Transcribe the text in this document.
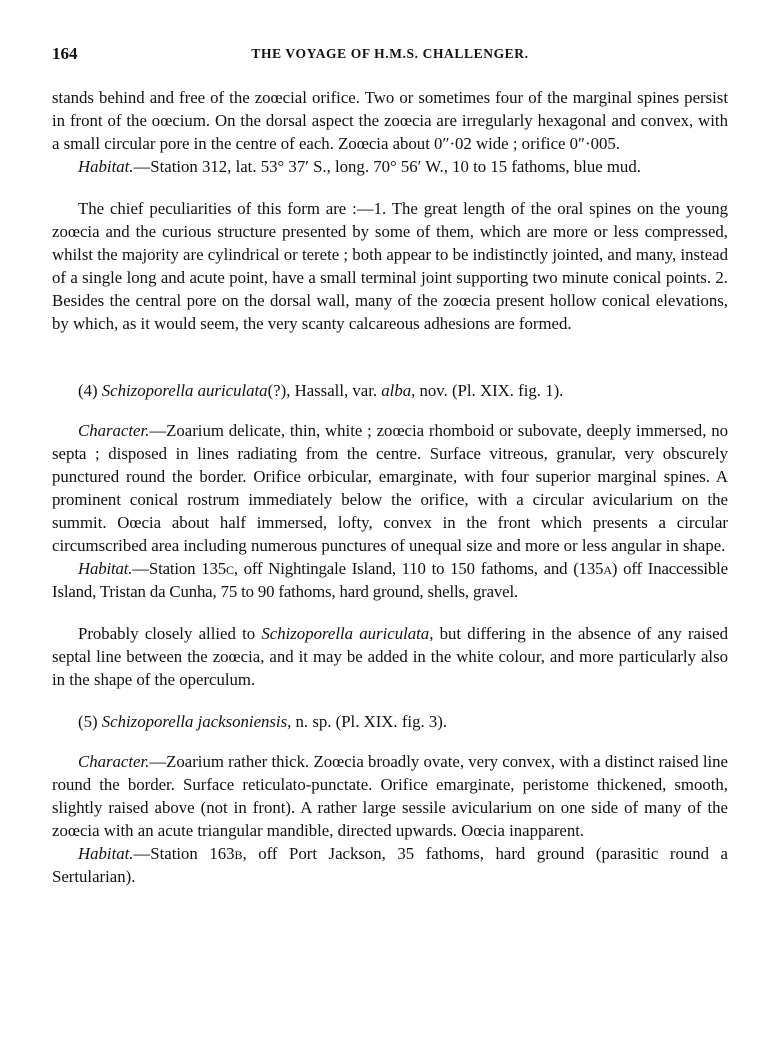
164	THE VOYAGE OF H.M.S. CHALLENGER.

stands behind and free of the zoœcial orifice. Two or sometimes four of the marginal spines persist in front of the oœcium. On the dorsal aspect the zoœcia are irregularly hexagonal and convex, with a small circular pore in the centre of each. Zoœcia about 0″·02 wide ; orifice 0″·005.

Habitat.—Station 312, lat. 53° 37′ S., long. 70° 56′ W., 10 to 15 fathoms, blue mud.

The chief peculiarities of this form are :—1. The great length of the oral spines on the young zoœcia and the curious structure presented by some of them, which are more or less compressed, whilst the majority are cylindrical or terete ; both appear to be indistinctly jointed, and many, instead of a single long and acute point, have a small terminal joint supporting two minute conical points. 2. Besides the central pore on the dorsal wall, many of the zoœcia present hollow conical elevations, by which, as it would seem, the very scanty calcareous adhesions are formed.

(4) Schizoporella auriculata(?), Hassall, var. alba, nov. (Pl. XIX. fig. 1).

Character.—Zoarium delicate, thin, white ; zoœcia rhomboid or subovate, deeply immersed, no septa ; disposed in lines radiating from the centre. Surface vitreous, granular, very obscurely punctured round the border. Orifice orbicular, emarginate, with four superior marginal spines. A prominent conical rostrum immediately below the orifice, with a circular avicularium on the summit. Oœcia about half immersed, lofty, convex in the front which presents a circular circumscribed area including numerous punctures of unequal size and more or less angular in shape.

Habitat.—Station 135c, off Nightingale Island, 110 to 150 fathoms, and (135a) off Inaccessible Island, Tristan da Cunha, 75 to 90 fathoms, hard ground, shells, gravel.

Probably closely allied to Schizoporella auriculata, but differing in the absence of any raised septal line between the zoœcia, and it may be added in the white colour, and more particularly also in the shape of the operculum.

(5) Schizoporella jacksoniensis, n. sp. (Pl. XIX. fig. 3).

Character.—Zoarium rather thick. Zoœcia broadly ovate, very convex, with a distinct raised line round the border. Surface reticulato-punctate. Orifice emarginate, peristome thickened, smooth, slightly raised above (not in front). A rather large sessile avicularium on one side of many of the zoœcia with an acute triangular mandible, directed upwards. Oœcia inapparent.

Habitat.—Station 163b, off Port Jackson, 35 fathoms, hard ground (parasitic round a Sertularian).
